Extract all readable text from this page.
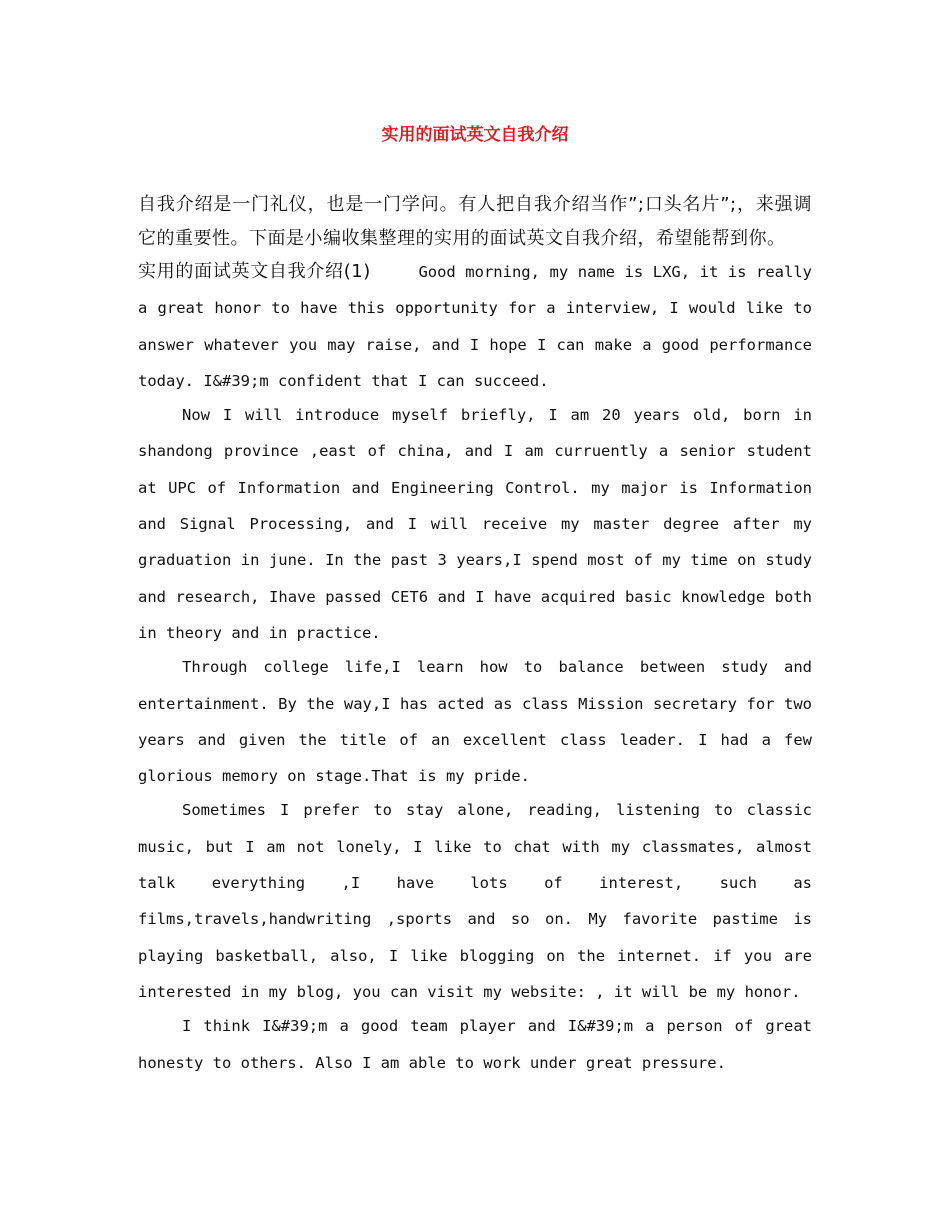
实用的面试英文自我介绍

自我介绍是一门礼仪，也是一门学问。有人把自我介绍当作”;口头名片”;，来强调它的重要性。下面是小编收集整理的实用的面试英文自我介绍，希望能帮到你。

实用的面试英文自我介绍(1)	Good morning, my name is LXG, it is really a great honor to have this opportunity for a interview, I would like to answer whatever you may raise, and I hope I can make a good performance today. I&#39;m confident that I can succeed.

Now I will introduce myself briefly, I am 20 years old, born in shandong province ,east of china, and I am curruently a senior student at UPC of Information and Engineering Control. my major is Information and Signal Processing, and I will receive my master degree after my graduation in june. In the past 3 years,I spend most of my time on study and research, Ihave passed CET6 and I have acquired basic knowledge both in theory and in practice.

Through college life,I learn how to balance between study and entertainment. By the way,I has acted as class Mission secretary for two years and given the title of an excellent class leader. I had a few glorious memory on stage.That is my pride.

Sometimes I prefer to stay alone, reading, listening to classic music, but I am not lonely, I like to chat with my classmates, almost talk everything ,I have lots of interest, such as films,travels,handwriting ,sports and so on. My favorite pastime is playing basketball, also, I like blogging on the internet. if you are interested in my blog, you can visit my website: , it will be my honor.

I think I&#39;m a good team player and I&#39;m a person of great honesty to others. Also I am able to work under great pressure.
